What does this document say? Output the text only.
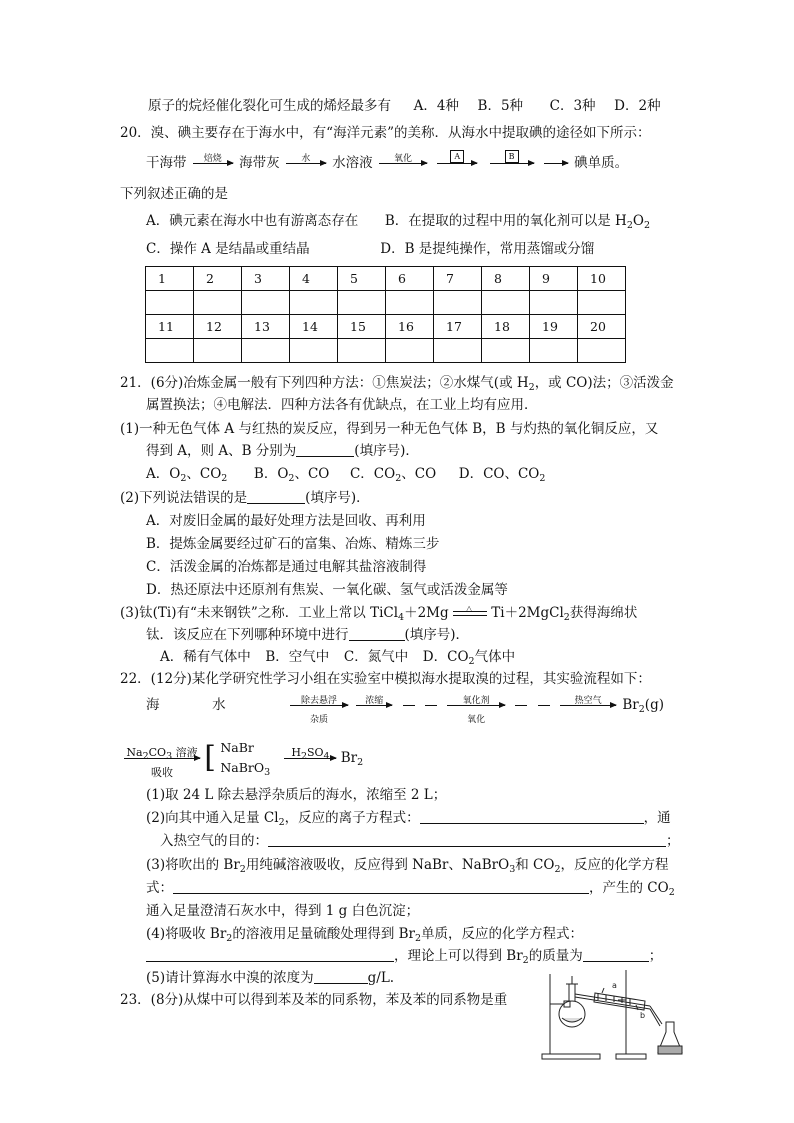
原子的烷烃催化裂化可生成的烯烃最多有 A．4种 B．5种 C．3种 D．2种
20．溴、碘主要存在于海水中，有“海洋元素”的美称．从海水中提取碘的途径如下所示：
干海带	焙烧	海带灰	水	水溶液	氧化
	A
	B
	碘单质。
下列叙述正确的是
A．碘元素在海水中也有游离态存在 B．在提取的过程中用的氧化剂可以是 $H_2O_2$
C．操作 A 是结晶或重结晶	D．B 是提纯操作，常用蒸馏或分馏
1	2	3	4	5	6	7	8	9	10

11	12	13	14	15	16	17	18	19	20

21．(6分)冶炼金属一般有下列四种方法：①焦炭法；②水煤气(或 $H_2$，或 CO)法；③活泼金
属置换法；④电解法．四种方法各有优缺点，在工业上均有应用．
(1)一种无色气体 A 与红热的炭反应，得到另一种无色气体 B，B 与灼热的氧化铜反应，又
得到 A，则 A、B 分别为	(填序号)．
A．$O_2$、$CO_2$ B．$O_2$、CO C．$CO_2$、CO D．CO、$CO_2$
(2)下列说法错误的是	(填序号)．
A．对废旧金属的最好处理方法是回收、再利用
B．提炼金属要经过矿石的富集、冶炼、精炼三步
C．活泼金属的冶炼都是通过电解其盐溶液制得
D．热还原法中还原剂有焦炭、一氧化碳、氢气或活泼金属等
(3)钛(Ti)有“未来钢铁”之称．工业上常以 TiCl$_4$＋2Mg △ Ti＋2MgCl$_2$获得海绵状
钛．该反应在下列哪种环境中进行	(填序号)．
A．稀有气体中 B．空气中 C．氮气中 D．$CO_2$气体中
22．(12分)某化学研究性学习小组在实验室中模拟海水提取溴的过程，其实验流程如下：
海	水	除去悬浮
杂质

浓缩
	氧化剂
氧化

热空气	$Br_2(g)$
$Na_2CO_3$ 溶液
吸收	[ NaBr
NaBrO$_3$
$H_2SO_4$ $Br_2$
(1)取 24 L 除去悬浮杂质后的海水，浓缩至 2 L；
(2)向其中通入足量 $Cl_2$，反应的离子方程式：	，通
入热空气的目的：	；
(3)将吹出的 $Br_2$用纯碱溶液吸收，反应得到 NaBr、NaBrO$_3$和 $CO_2$，反应的化学方程
式：	，产生的 $CO_2$
通入足量澄清石灰水中，得到 1 g 白色沉淀；
(4)将吸收 $Br_2$的溶液用足量硫酸处理得到 $Br_2$单质，反应的化学方程式：
，理论上可以得到 $Br_2$的质量为	；
(5)请计算海水中溴的浓度为	g/L.
23．(8分)从煤中可以得到苯及苯的同系物，苯及苯的同系物是重
a
b
